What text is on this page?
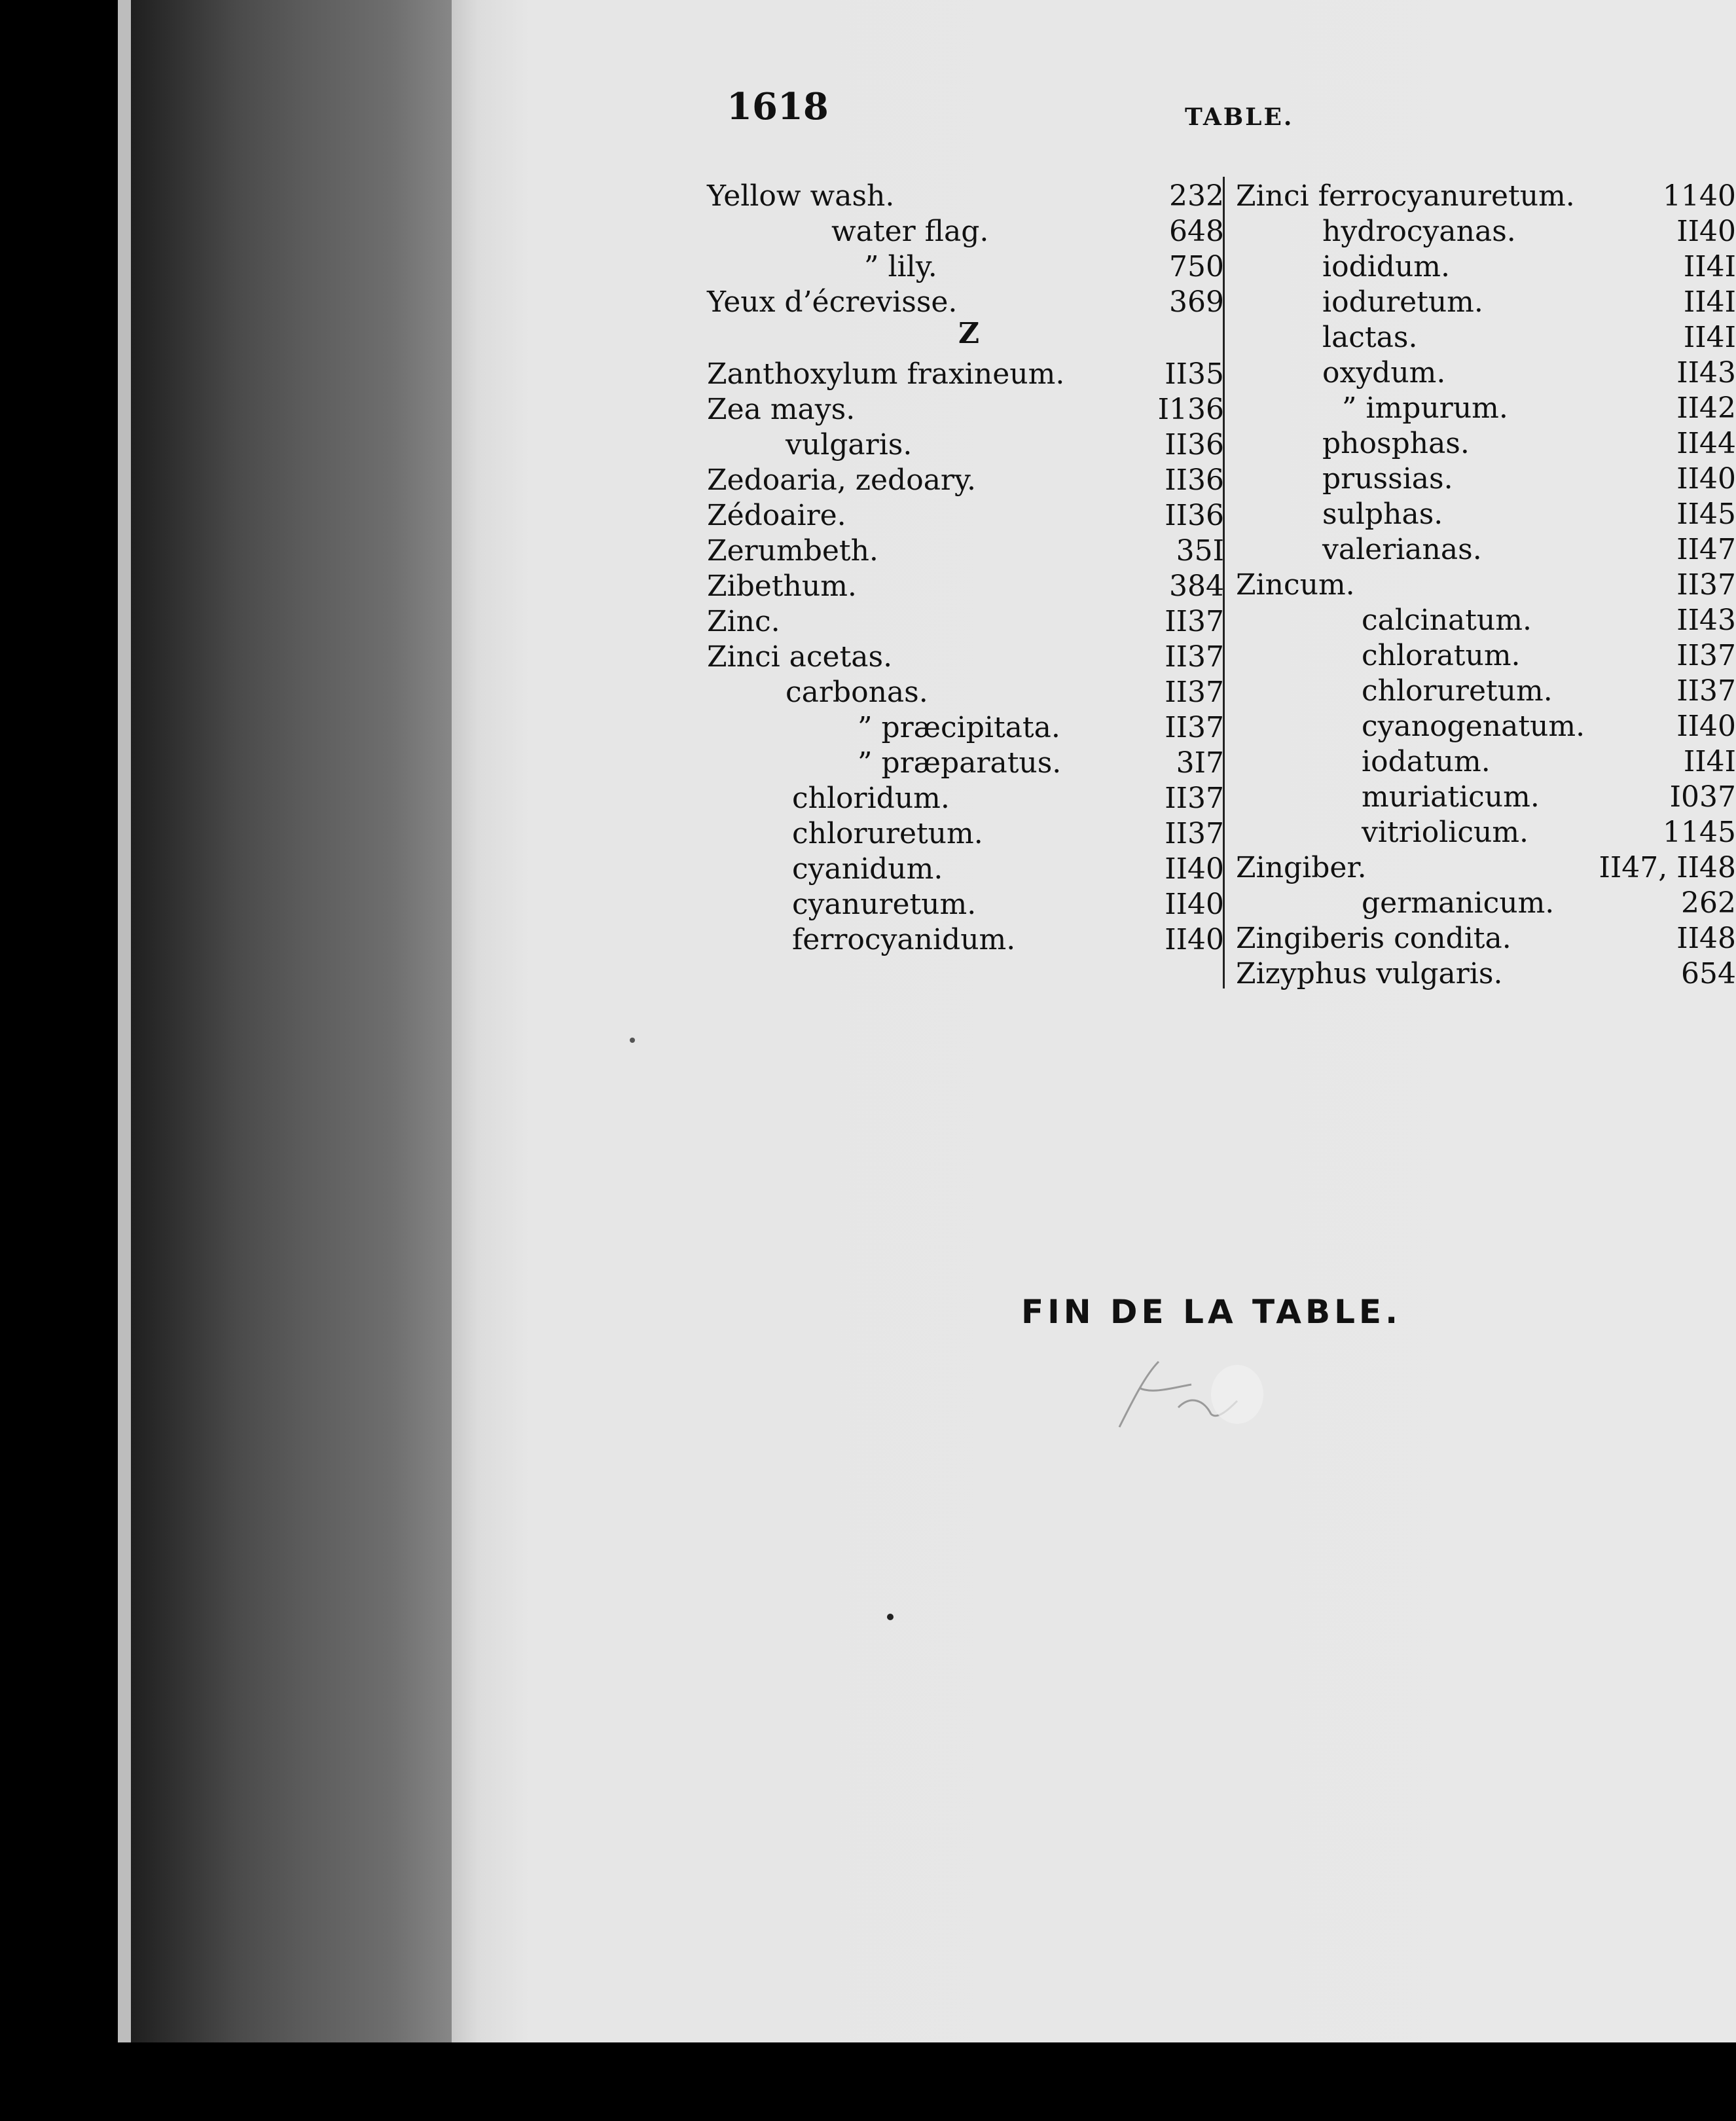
1618	TABLE.
Z
Yellow wash.	232
water flag.	648
” lily.	750
Yeux d’écrevisse.	369
Zanthoxylum fraxineum.	II35
Zea mays.	I136
vulgaris.	II36
Zedoaria, zedoary.	II36
Zédoaire.	II36
Zerumbeth.	35I
Zibethum.	384
Zinc.	II37
Zinci acetas.	II37
carbonas.	II37
” præcipitata.	II37
” præparatus.	3I7
chloridum.	II37
chloruretum.	II37
cyanidum.	II40
cyanuretum.	II40
ferrocyanidum.	II40
Zinci ferrocyanuretum.	1140
hydrocyanas.	II40
iodidum.	II4I
ioduretum.	II4I
lactas.	II4I
oxydum.	II43
” impurum.	II42
phosphas.	II44
prussias.	II40
sulphas.	II45
valerianas.	II47
Zincum.	II37
calcinatum.	II43
chloratum.	II37
chloruretum.	II37
cyanogenatum.	II40
iodatum.	II4I
muriaticum.	I037
vitriolicum.	1145
Zingiber.	II47, II48
germanicum.	262
Zingiberis condita.	II48
Zizyphus vulgaris.	654
FIN DE LA TABLE.
